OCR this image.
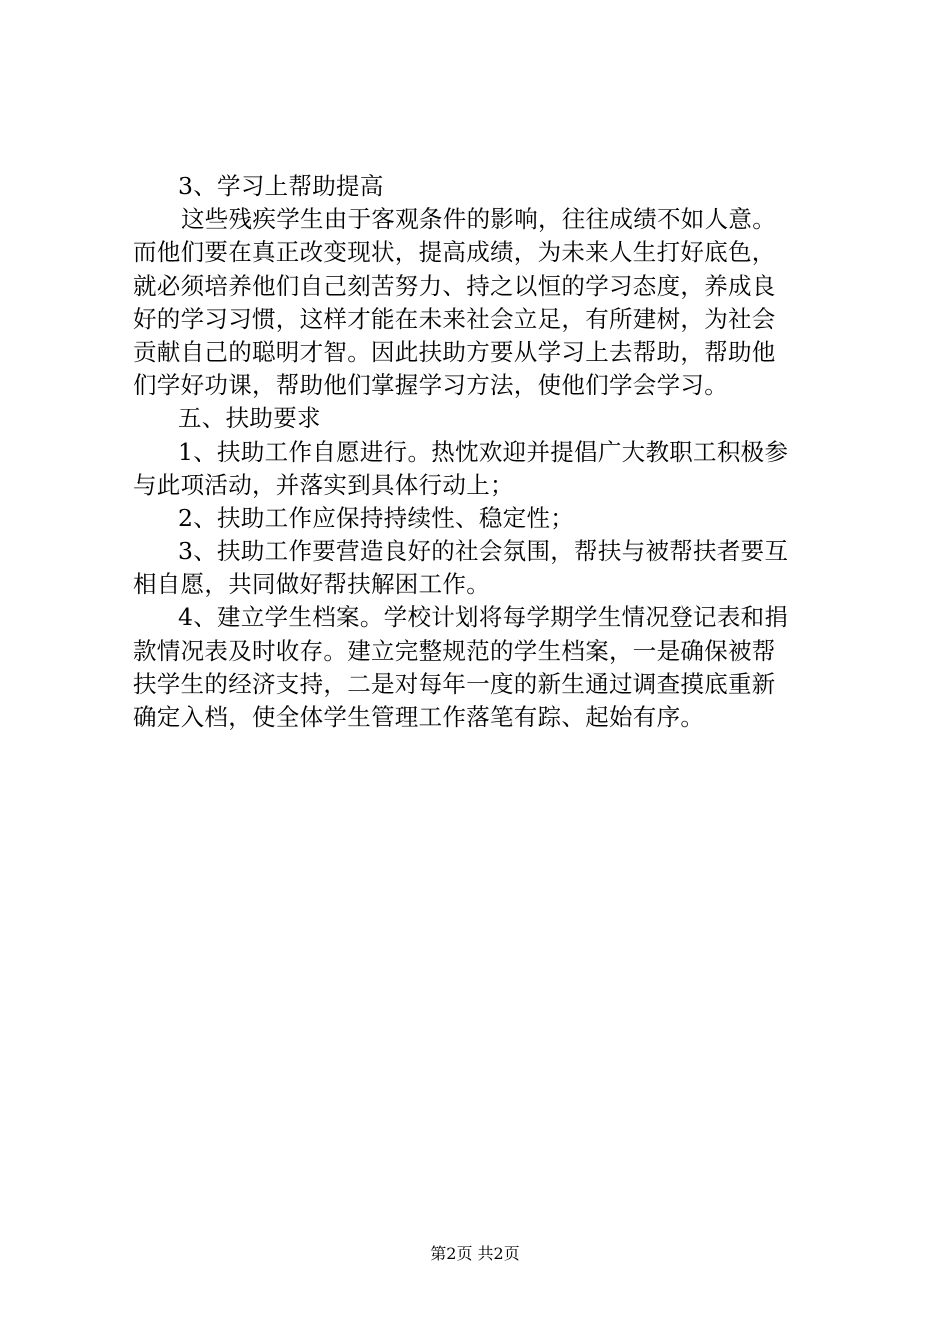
3、学习上帮助提高
这些残疾学生由于客观条件的影响，往往成绩不如人意。
而他们要在真正改变现状，提高成绩，为未来人生打好底色，
就必须培养他们自己刻苦努力、持之以恒的学习态度，养成良
好的学习习惯，这样才能在未来社会立足，有所建树，为社会
贡献自己的聪明才智。因此扶助方要从学习上去帮助，帮助他
们学好功课，帮助他们掌握学习方法，使他们学会学习。
五、扶助要求
1、扶助工作自愿进行。热忱欢迎并提倡广大教职工积极参
与此项活动，并落实到具体行动上；
2、扶助工作应保持持续性、稳定性；
3、扶助工作要营造良好的社会氛围，帮扶与被帮扶者要互
相自愿，共同做好帮扶解困工作。
4、建立学生档案。学校计划将每学期学生情况登记表和捐
款情况表及时收存。建立完整规范的学生档案，一是确保被帮
扶学生的经济支持，二是对每年一度的新生通过调查摸底重新
确定入档，使全体学生管理工作落笔有踪、起始有序。
第2页 共2页
